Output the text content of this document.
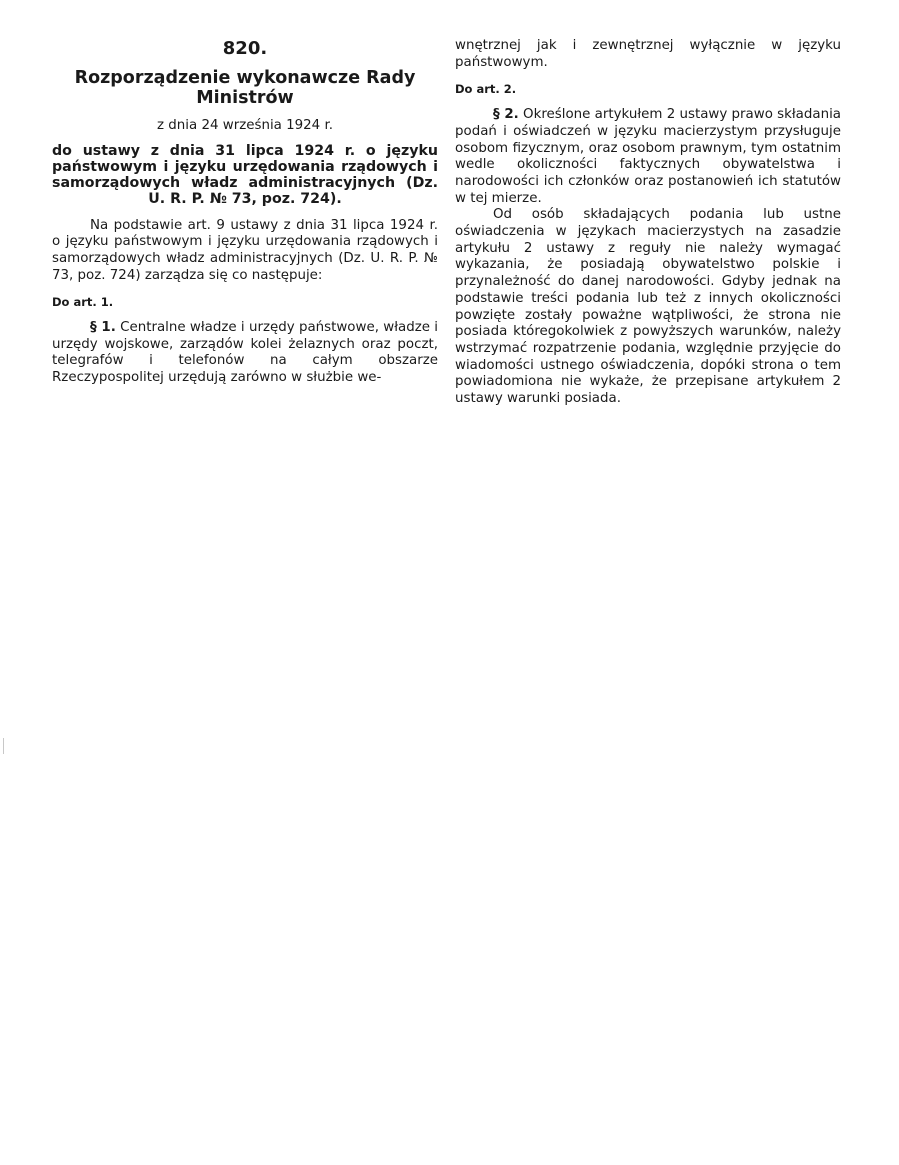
820.
Rozporządzenie wykonawcze Rady Ministrów
z dnia 24 września 1924 r.
do ustawy z dnia 31 lipca 1924 r. o języku państwowym i języku urzędowania rządowych i samorządowych władz administracyjnych (Dz. U. R. P. № 73, poz. 724).

Na podstawie art. 9 ustawy z dnia 31 lipca 1924 r. o języku państwowym i języku urzędowania rządowych i samorządowych władz administracyjnych (Dz. U. R. P. № 73, poz. 724) zarządza się co następuje:

Do art. 1.

§ 1. Centralne władze i urzędy państwowe, władze i urzędy wojskowe, zarządów kolei żelaznych oraz poczt, telegrafów i telefonów na całym obszarze Rzeczypospolitej urzędują zarówno w służbie we-

wnętrznej jak i zewnętrznej wyłącznie w języku państwowym.

Do art. 2.

§ 2. Określone artykułem 2 ustawy prawo składania podań i oświadczeń w języku macierzystym przysługuje osobom fizycznym, oraz osobom prawnym, tym ostatnim wedle okoliczności faktycznych obywatelstwa i narodowości ich członków oraz postanowień ich statutów w tej mierze.

Od osób składających podania lub ustne oświadczenia w językach macierzystych na zasadzie artykułu 2 ustawy z reguły nie należy wymagać wykazania, że posiadają obywatelstwo polskie i przynależność do danej narodowości. Gdyby jednak na podstawie treści podania lub też z innych okoliczności powzięte zostały poważne wątpliwości, że strona nie posiada któregokolwiek z powyższych warunków, należy wstrzymać rozpatrzenie podania, względnie przyjęcie do wiadomości ustnego oświadczenia, dopóki strona o tem powiadomiona nie wykaże, że przepisane artykułem 2 ustawy warunki posiada.
